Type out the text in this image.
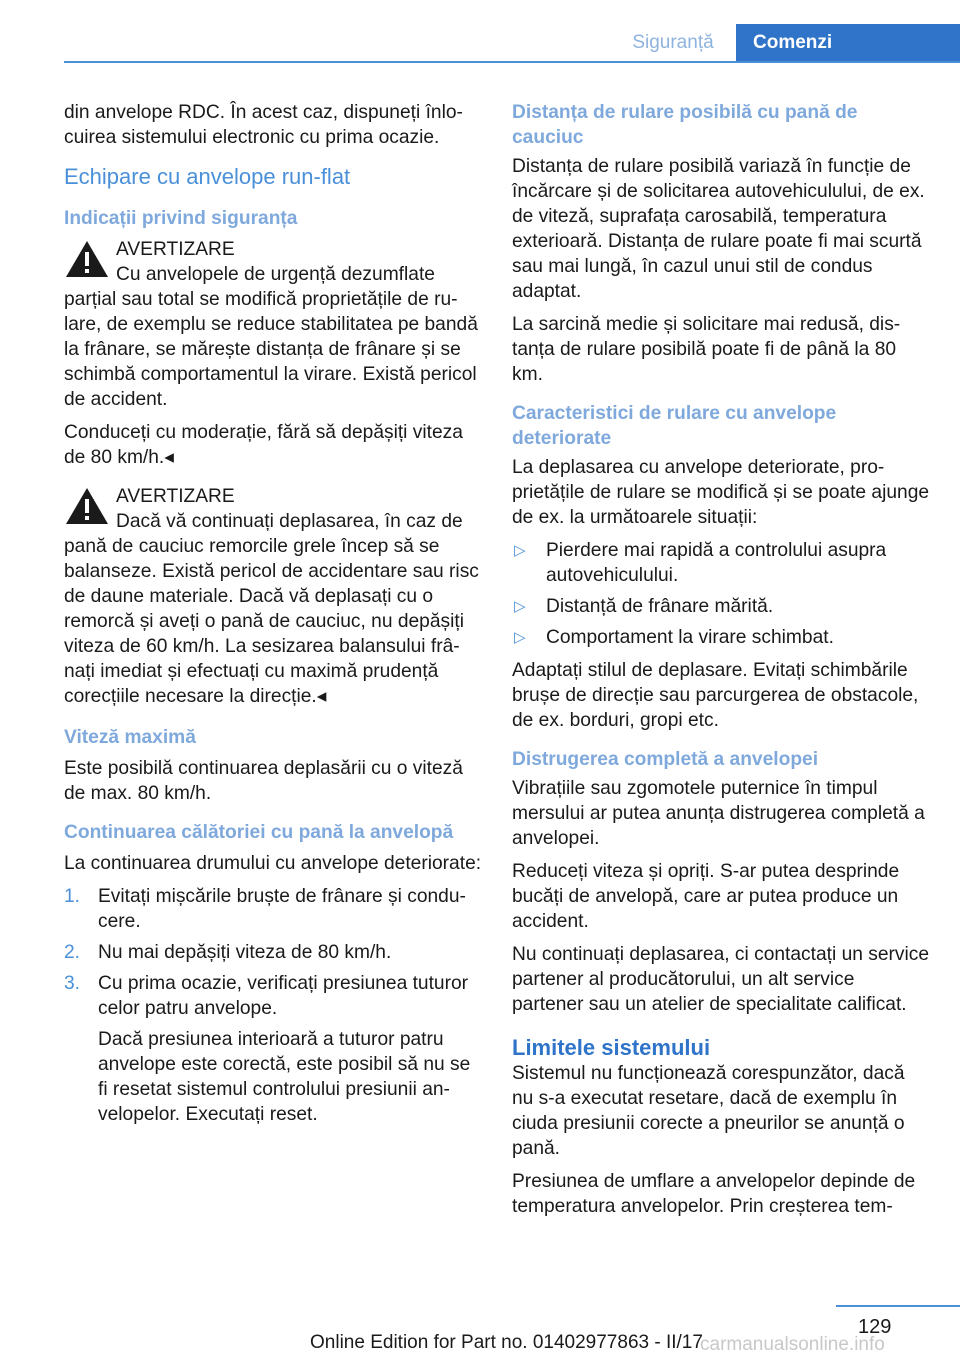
Siguranță	Comenzi

din anvelope RDC. În acest caz, dispuneți înlocuirea sistemului electronic cu prima ocazie.

Echipare cu anvelope run-flat
Indicații privind siguranța
AVERTIZARE

Cu anvelopele de urgență dezumflate parțial sau total se modifică proprietățile de rulare, de exemplu se reduce stabilitatea pe bandă la frânare, se mărește distanța de frânare și se schimbă comportamentul la virare. Există pericol de accident.

Conduceți cu moderație, fără să depășiți viteza de 80 km/h.◂

AVERTIZARE

Dacă vă continuați deplasarea, în caz de pană de cauciuc remorcile grele încep să se balanseze. Există pericol de accidentare sau risc de daune materiale. Dacă vă deplasați cu o remorcă și aveți o pană de cauciuc, nu depășiți viteza de 60 km/h. La sesizarea balansului frânați imediat și efectuați cu maximă prudență corecțiile necesare la direcție.◂

Viteză maximă

Este posibilă continuarea deplasării cu o viteză de max. 80 km/h.

Continuarea călătoriei cu pană la anvelopă

La continuarea drumului cu anvelope deteriorate:

1. Evitați mișcările bruște de frânare și conducere.
2. Nu mai depășiți viteza de 80 km/h.
3. Cu prima ocazie, verificați presiunea tuturor celor patru anvelope.
Dacă presiunea interioară a tuturor patru anvelope este corectă, este posibil să nu se fi resetat sistemul controlului presiunii anvelopelor. Executați reset.
Distanța de rulare posibilă cu pană de cauciuc

Distanța de rulare posibilă variază în funcție de încărcare și de solicitarea autovehiculului, de ex. de viteză, suprafața carosabilă, temperatura exterioară. Distanța de rulare poate fi mai scurtă sau mai lungă, în cazul unui stil de condus adaptat.

La sarcină medie și solicitare mai redusă, distanța de rulare posibilă poate fi de până la 80 km.

Caracteristici de rulare cu anvelope deteriorate

La deplasarea cu anvelope deteriorate, proprietățile de rulare se modifică și se poate ajunge de ex. la următoarele situații:

▷ Pierdere mai rapidă a controlului asupra autovehiculului.
▷ Distanță de frânare mărită.
▷ Comportament la virare schimbat.

Adaptați stilul de deplasare. Evitați schimbările brușe de direcție sau parcurgerea de obstacole, de ex. borduri, gropi etc.

Distrugerea completă a anvelopei

Vibrațiile sau zgomotele puternice în timpul mersului ar putea anunța distrugerea completă a anvelopei.

Reduceți viteza și opriți. S-ar putea desprinde bucăți de anvelopă, care ar putea produce un accident.

Nu continuați deplasarea, ci contactați un service partener al producătorului, un alt service partener sau un atelier de specialitate calificat.

Limitele sistemului

Sistemul nu funcționează corespunzător, dacă nu s-a executat resetare, dacă de exemplu în ciuda presiunii corecte a pneurilor se anunță o pană.

Presiunea de umflare a anvelopelor depinde de temperatura anvelopelor. Prin creșterea tem-

129
Online Edition for Part no. 01402977863 - II/17
carmanualsonline.info
